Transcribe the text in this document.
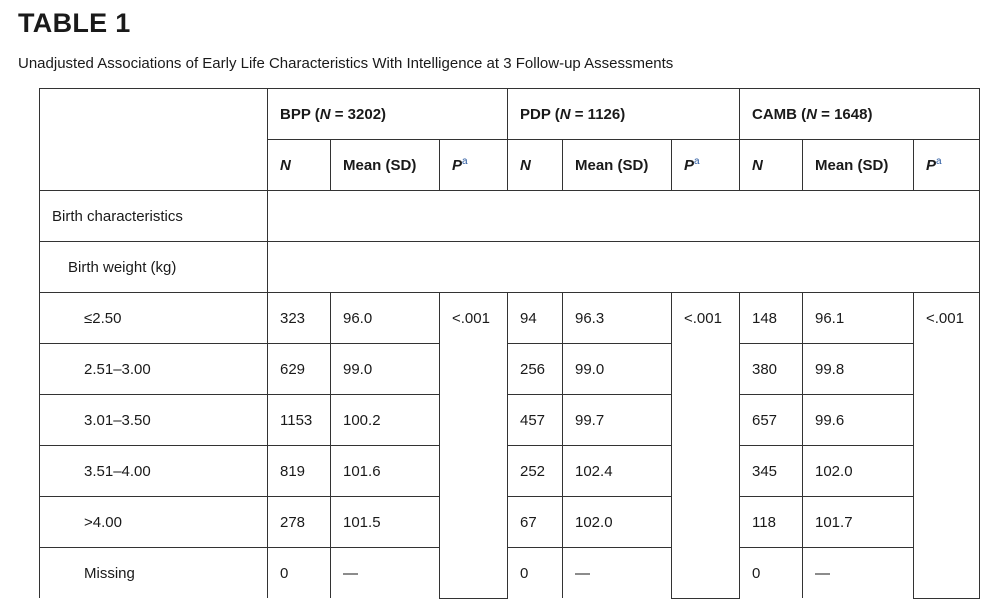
TABLE 1
Unadjusted Associations of Early Life Characteristics With Intelligence at 3 Follow-up Assessments
	BPP (N = 3202)			PDP (N = 1126)			CAMB (N = 1648)		
	N	Mean (SD)	$P^a$	N	Mean (SD)	$P^a$	N	Mean (SD)	$P^a$
Birth characteristics									
Birth weight (kg)									
≤2.50	323	96.0	<.001	94	96.3	<.001	148	96.1	<.001
2.51–3.00	629	99.0		256	99.0		380	99.8	
3.01–3.50	1153	100.2		457	99.7		657	99.6	
3.51–4.00	819	101.6		252	102.4		345	102.0	
>4.00	278	101.5		67	102.0		118	101.7	
Missing	0	—		0	—		0	—	
